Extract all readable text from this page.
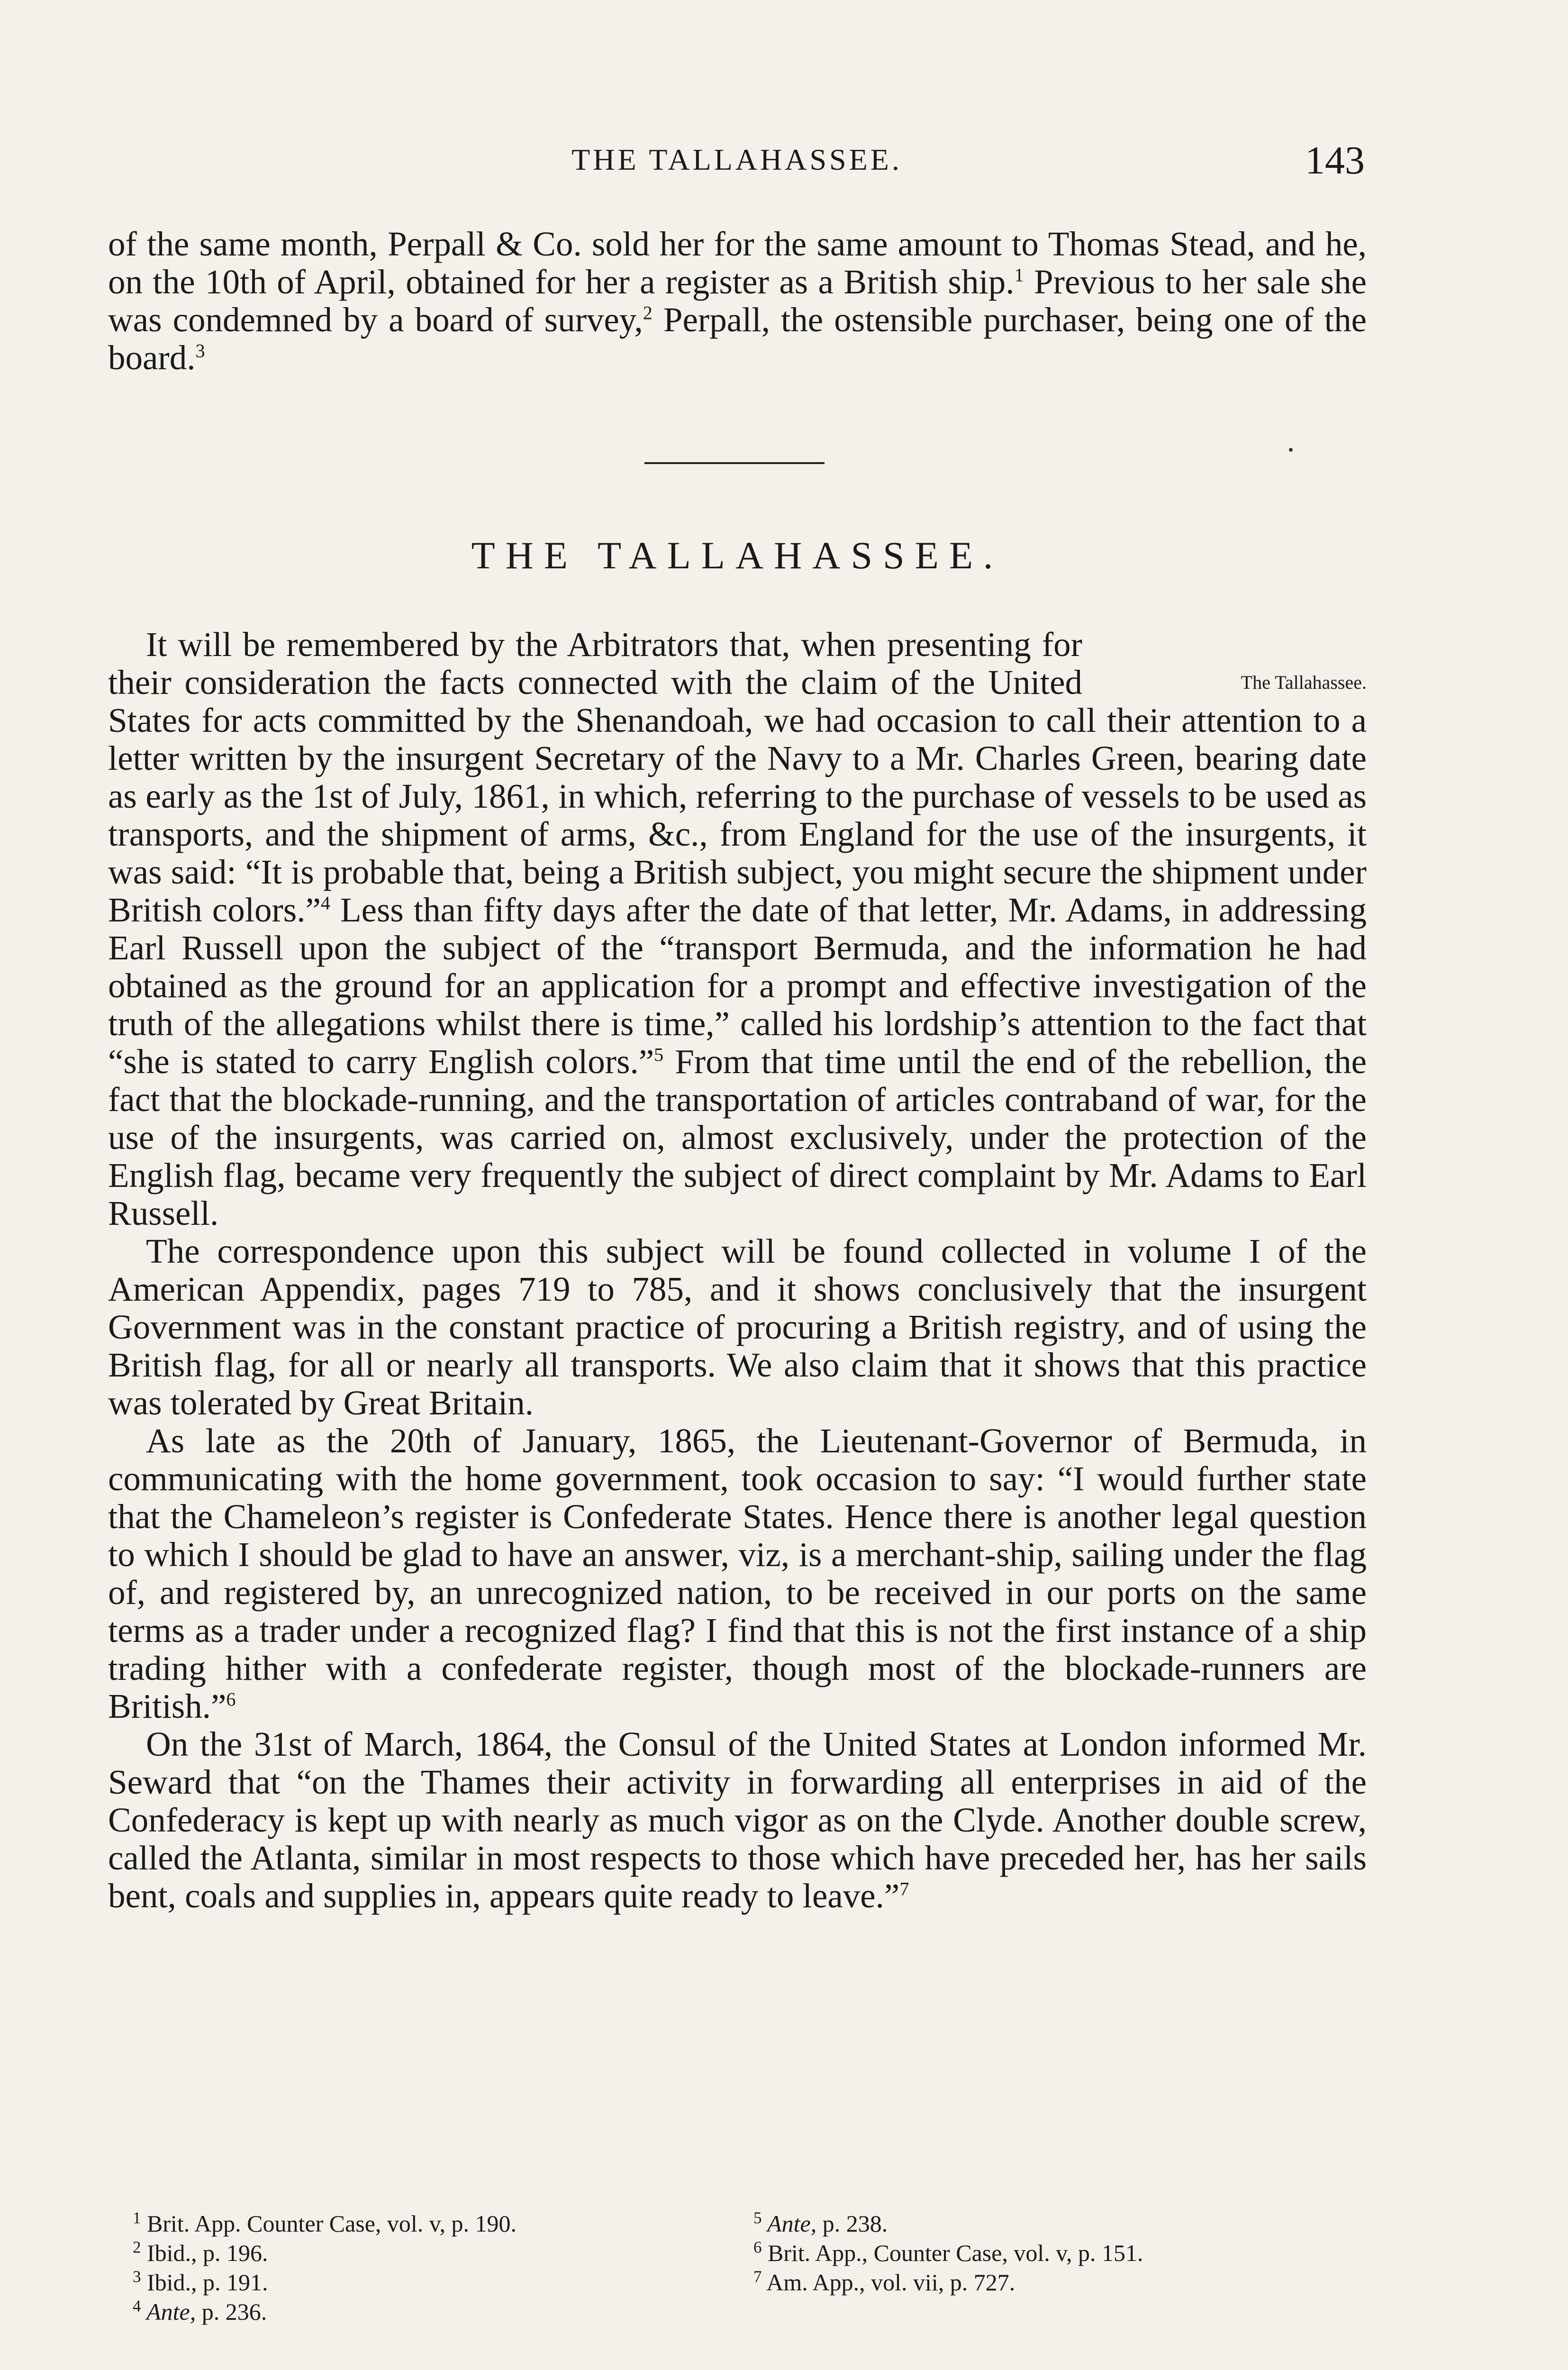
THE TALLAHASSEE.	143

of the same month, Perpall & Co. sold her for the same amount to Thomas Stead, and he, on the 10th of April, obtained for her a register as a British ship.$^1$ Previous to her sale she was condemned by a board of survey,$^2$ Perpall, the ostensible purchaser, being one of the board.$^3$

THE TALLAHASSEE.

The Tallahassee.
It will be remembered by the Arbitrators that, when presenting for their consideration the facts connected with the claim of the United States for acts committed by the Shenandoah, we had occasion to call their attention to a letter written by the insurgent Secretary of the Navy to a Mr. Charles Green, bearing date as early as the 1st of July, 1861, in which, referring to the purchase of vessels to be used as transports, and the shipment of arms, &c., from England for the use of the insurgents, it was said: “It is probable that, being a British subject, you might secure the shipment under British colors.”$^4$ Less than fifty days after the date of that letter, Mr. Adams, in addressing Earl Russell upon the subject of the “transport Bermuda, and the information he had obtained as the ground for an application for a prompt and effective investigation of the truth of the allegations whilst there is time,” called his lordship’s attention to the fact that “she is stated to carry English colors.”$^5$ From that time until the end of the rebellion, the fact that the blockade-running, and the transportation of articles contraband of war, for the use of the insurgents, was carried on, almost exclusively, under the protection of the English flag, became very frequently the subject of direct complaint by Mr. Adams to Earl Russell.

The correspondence upon this subject will be found collected in volume I of the American Appendix, pages 719 to 785, and it shows conclusively that the insurgent Government was in the constant practice of procuring a British registry, and of using the British flag, for all or nearly all transports. We also claim that it shows that this practice was tolerated by Great Britain.

As late as the 20th of January, 1865, the Lieutenant-Governor of Bermuda, in communicating with the home government, took occasion to say: “I would further state that the Chameleon’s register is Confederate States. Hence there is another legal question to which I should be glad to have an answer, viz, is a merchant-ship, sailing under the flag of, and registered by, an unrecognized nation, to be received in our ports on the same terms as a trader under a recognized flag? I find that this is not the first instance of a ship trading hither with a confederate register, though most of the blockade-runners are British.”$^6$

On the 31st of March, 1864, the Consul of the United States at London informed Mr. Seward that “on the Thames their activity in forwarding all enterprises in aid of the Confederacy is kept up with nearly as much vigor as on the Clyde. Another double screw, called the Atlanta, similar in most respects to those which have preceded her, has her sails bent, coals and supplies in, appears quite ready to leave.”$^7$

$^1$ Brit. App. Counter Case, vol. v, p. 190.
$^2$ Ibid., p. 196.
$^3$ Ibid., p. 191.
$^4$ Ante, p. 236.
$^5$ Ante, p. 238.
$^6$ Brit. App., Counter Case, vol. v, p. 151.
$^7$ Am. App., vol. vii, p. 727.
